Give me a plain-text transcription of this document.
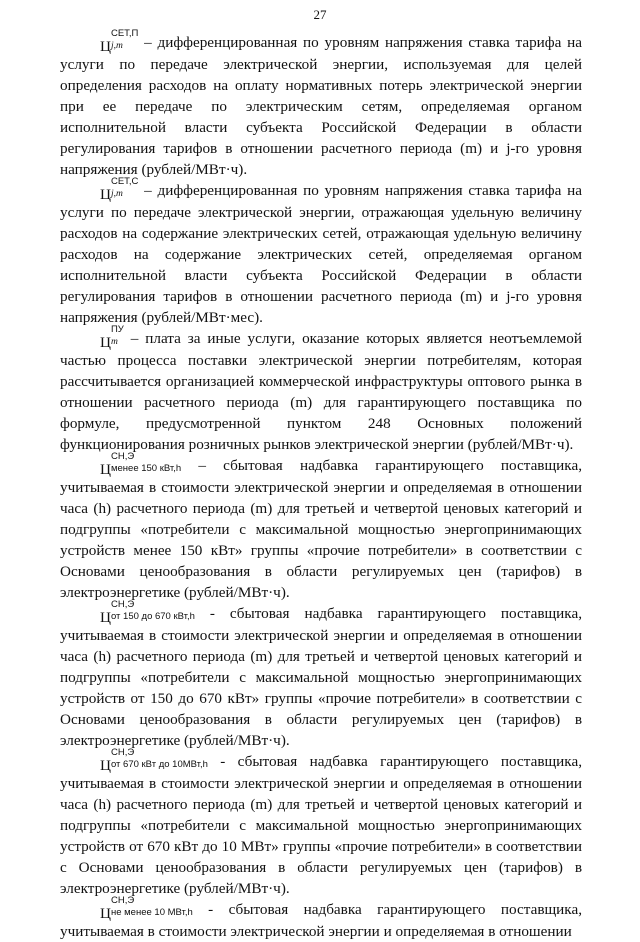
27

Ц
СЕТ,П
j,m	– дифференцированная по уровням напряжения ставка тарифа на услуги по передаче электрической энергии, используемая для целей определения расходов на оплату нормативных потерь электрической энергии при ее передаче по электрическим сетям, определяемая органом исполнительной власти субъекта Российской Федерации в области регулирования тарифов в отношении расчетного периода (m) и j-го уровня напряжения (рублей/МВт·ч).

Ц
СЕТ,С
j,m	– дифференцированная по уровням напряжения ставка тарифа на услуги по передаче электрической энергии, отражающая удельную величину расходов на содержание электрических сетей, отражающая удельную величину расходов на содержание электрических сетей, определяемая органом исполнительной власти субъекта Российской Федерации в области регулирования тарифов в отношении расчетного периода (m) и j-го уровня напряжения (рублей/МВт·мес).

Ц
ПУ
m – плата за иные услуги, оказание которых является неотъемлемой частью процесса поставки электрической энергии потребителям, которая рассчитывается организацией коммерческой инфраструктуры оптового рынка в отношении расчетного периода (m) для гарантирующего поставщика по формуле, предусмотренной пунктом 248 Основных положений функционирования розничных рынков электрической энергии (рублей/МВт·ч).

Ц
СН,Э
менее 150 кВт,h – сбытовая надбавка гарантирующего поставщика, учитываемая в стоимости электрической энергии и определяемая в отношении часа (h) расчетного периода (m) для третьей и четвертой ценовых категорий и подгруппы «потребители с максимальной мощностью энергопринимающих устройств менее 150 кВт» группы «прочие потребители» в соответствии с Основами ценообразования в области регулируемых цен (тарифов) в электроэнергетике (рублей/МВт·ч).

Ц
СН,Э
от 150 до 670 кВт,h - сбытовая надбавка гарантирующего поставщика, учитываемая в стоимости электрической энергии и определяемая в отношении часа (h) расчетного периода (m) для третьей и четвертой ценовых категорий и подгруппы «потребители с максимальной мощностью энергопринимающих устройств от 150 до 670 кВт» группы «прочие потребители» в соответствии с Основами ценообразования в области регулируемых цен (тарифов) в электроэнергетике (рублей/МВт·ч).

Ц
СН,Э
от 670 кВт до 10МВт,h - сбытовая надбавка гарантирующего поставщика, учитываемая в стоимости электрической энергии и определяемая в отношении часа (h) расчетного периода (m) для третьей и четвертой ценовых категорий и подгруппы «потребители с максимальной мощностью энергопринимающих устройств от 670 кВт до 10 МВт» группы «прочие потребители» в соответствии с Основами ценообразования в области регулируемых цен (тарифов) в электроэнергетике (рублей/МВт·ч).

Ц
СН,Э
не менее 10 МВт,h - сбытовая надбавка гарантирующего поставщика, учитываемая в стоимости электрической энергии и определяемая в отношении
